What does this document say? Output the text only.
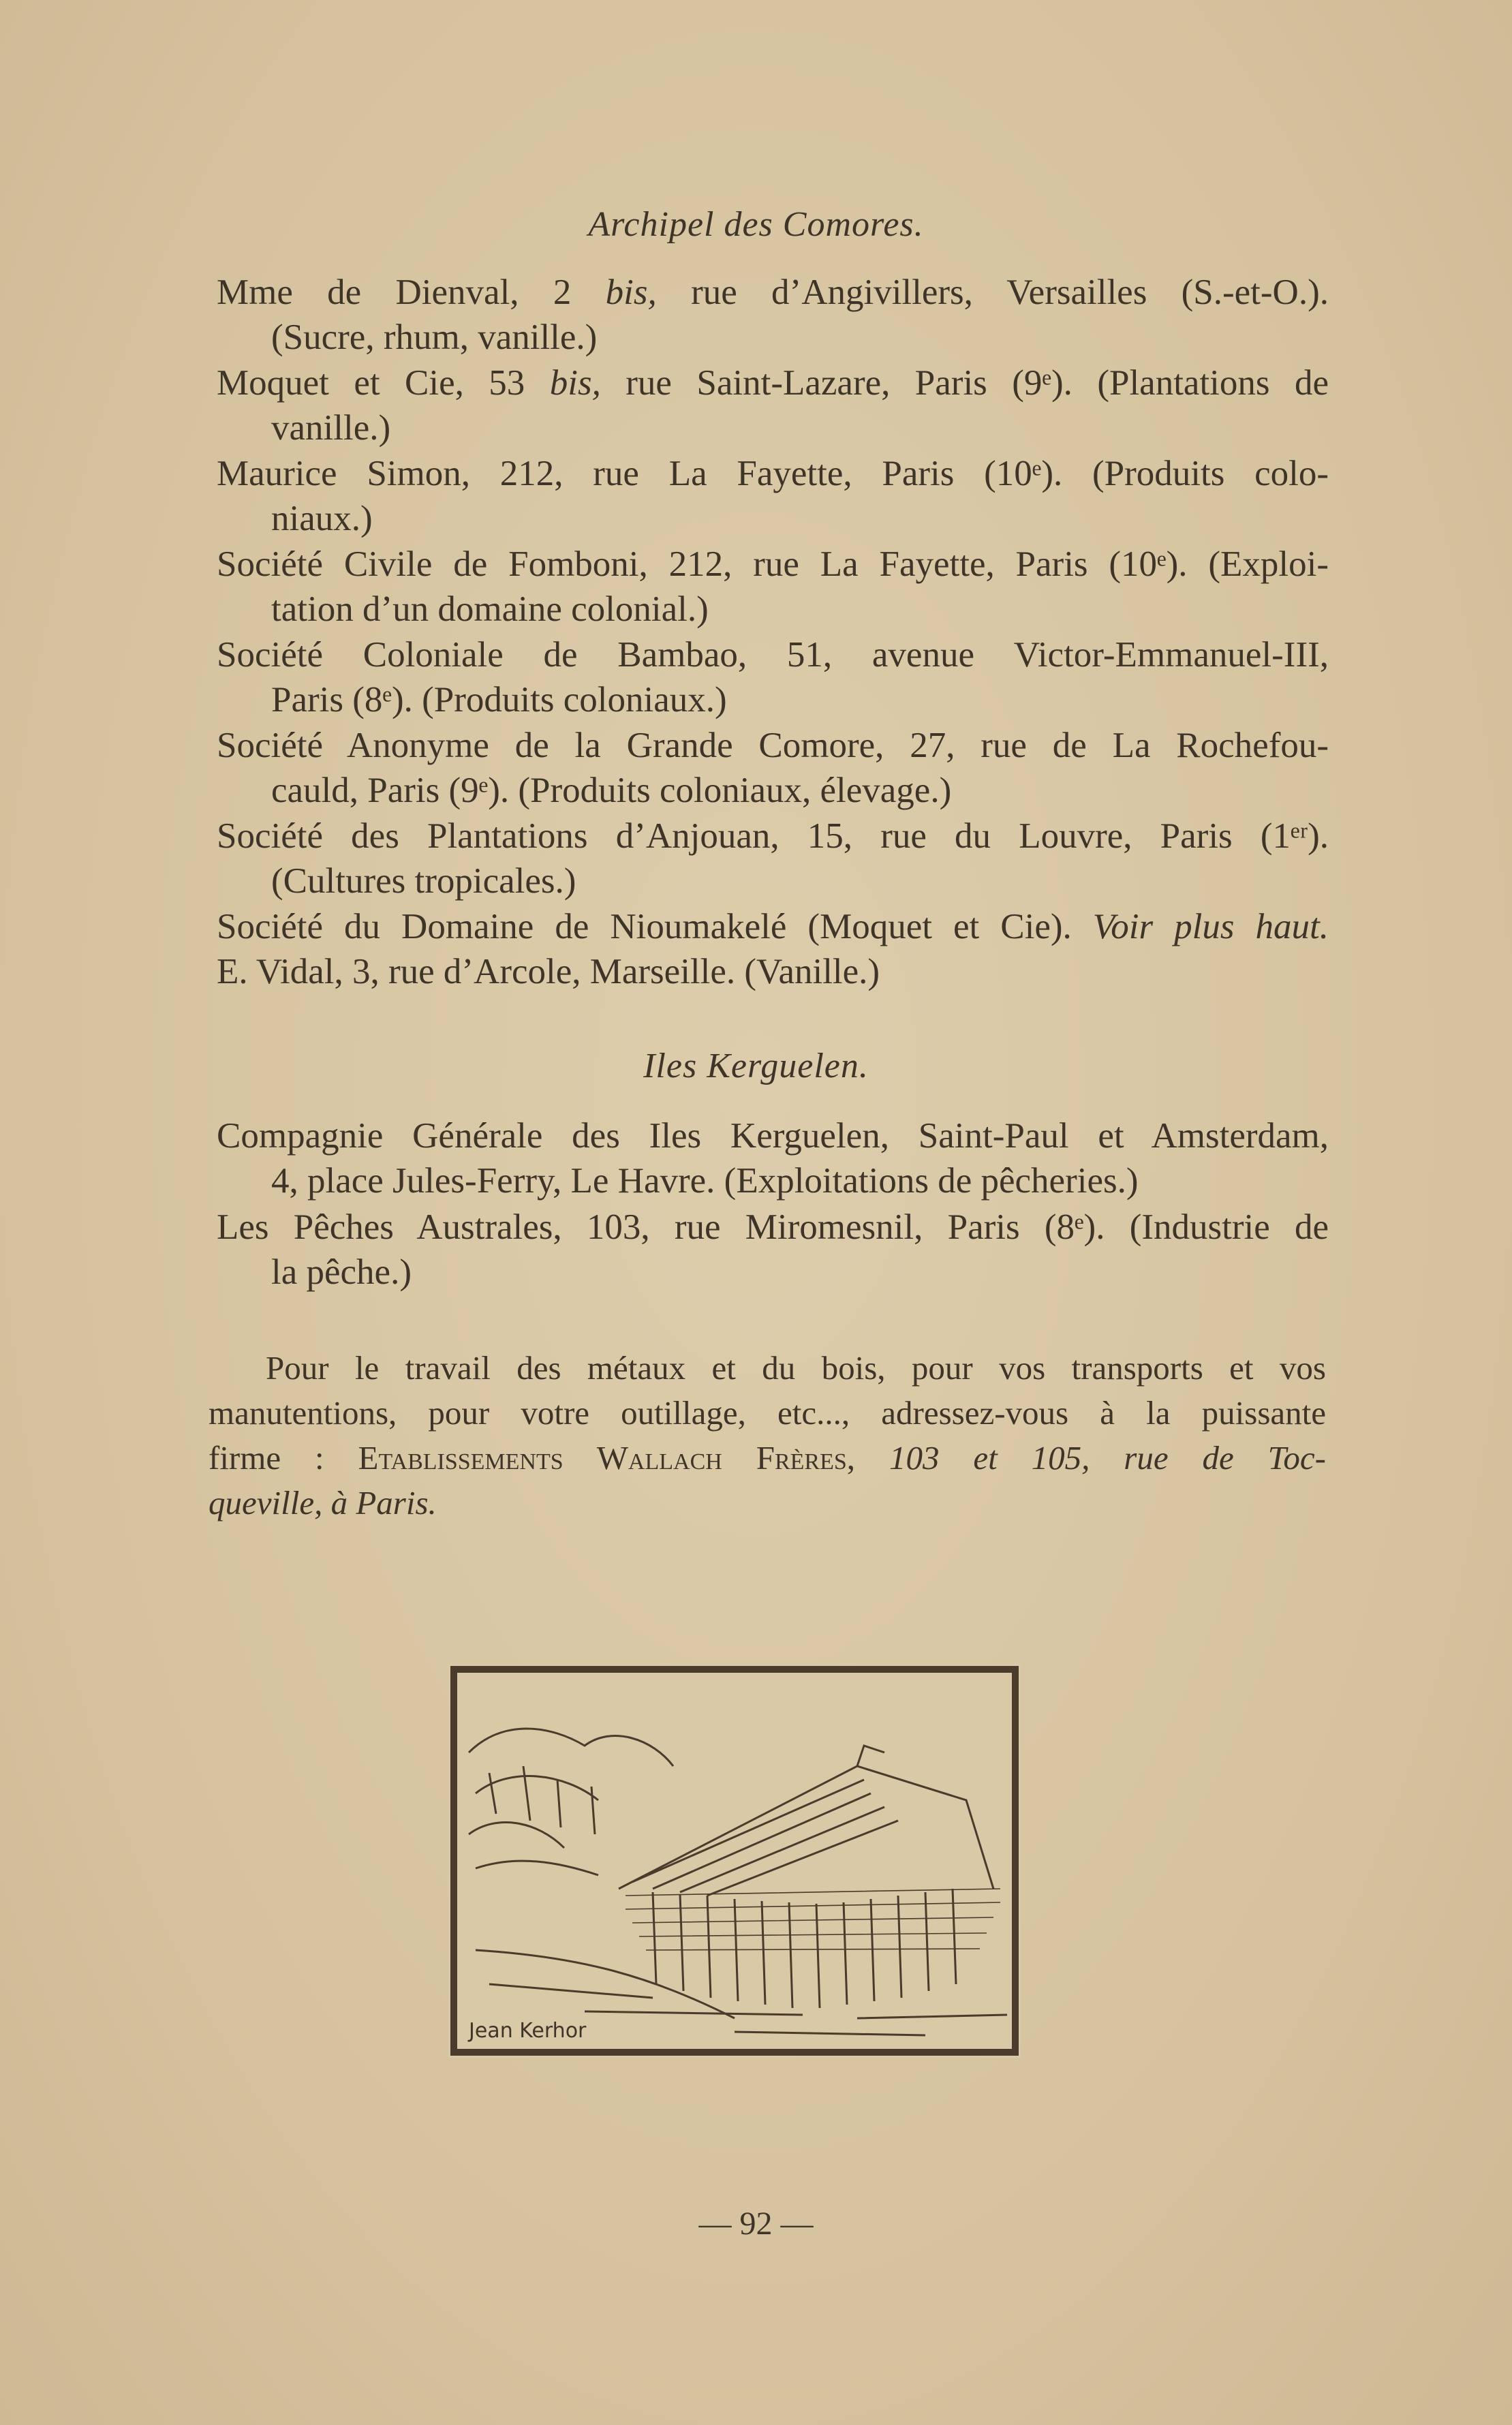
Archipel des Comores.
Mme de Dienval, 2 bis, rue d’Angivillers, Versailles (S.-et-O.).
(Sucre, rhum, vanille.)
Moquet et Cie, 53 bis, rue Saint-Lazare, Paris (9ᵉ). (Plantations de
vanille.)
Maurice Simon, 212, rue La Fayette, Paris (10ᵉ). (Produits colo-
niaux.)
Société Civile de Fomboni, 212, rue La Fayette, Paris (10ᵉ). (Exploi-
tation d’un domaine colonial.)
Société Coloniale de Bambao, 51, avenue Victor-Emmanuel-III,
Paris (8ᵉ). (Produits coloniaux.)
Société Anonyme de la Grande Comore, 27, rue de La Rochefou-
cauld, Paris (9ᵉ). (Produits coloniaux, élevage.)
Société des Plantations d’Anjouan, 15, rue du Louvre, Paris (1ᵉʳ).
(Cultures tropicales.)
Société du Domaine de Nioumakelé (Moquet et Cie). Voir plus haut.
E. Vidal, 3, rue d’Arcole, Marseille. (Vanille.)
Iles Kerguelen.
Compagnie Générale des Iles Kerguelen, Saint-Paul et Amsterdam,
4, place Jules-Ferry, Le Havre. (Exploitations de pêcheries.)
Les Pêches Australes, 103, rue Miromesnil, Paris (8ᵉ). (Industrie de
la pêche.)
Pour le travail des métaux et du bois, pour vos transports et vos
manutentions, pour votre outillage, etc..., adressez-vous à la puissante
firme : Etablissements Wallach Frères, 103 et 105, rue de Toc-
queville, à Paris.
Jean Kerhor
— 92 —
